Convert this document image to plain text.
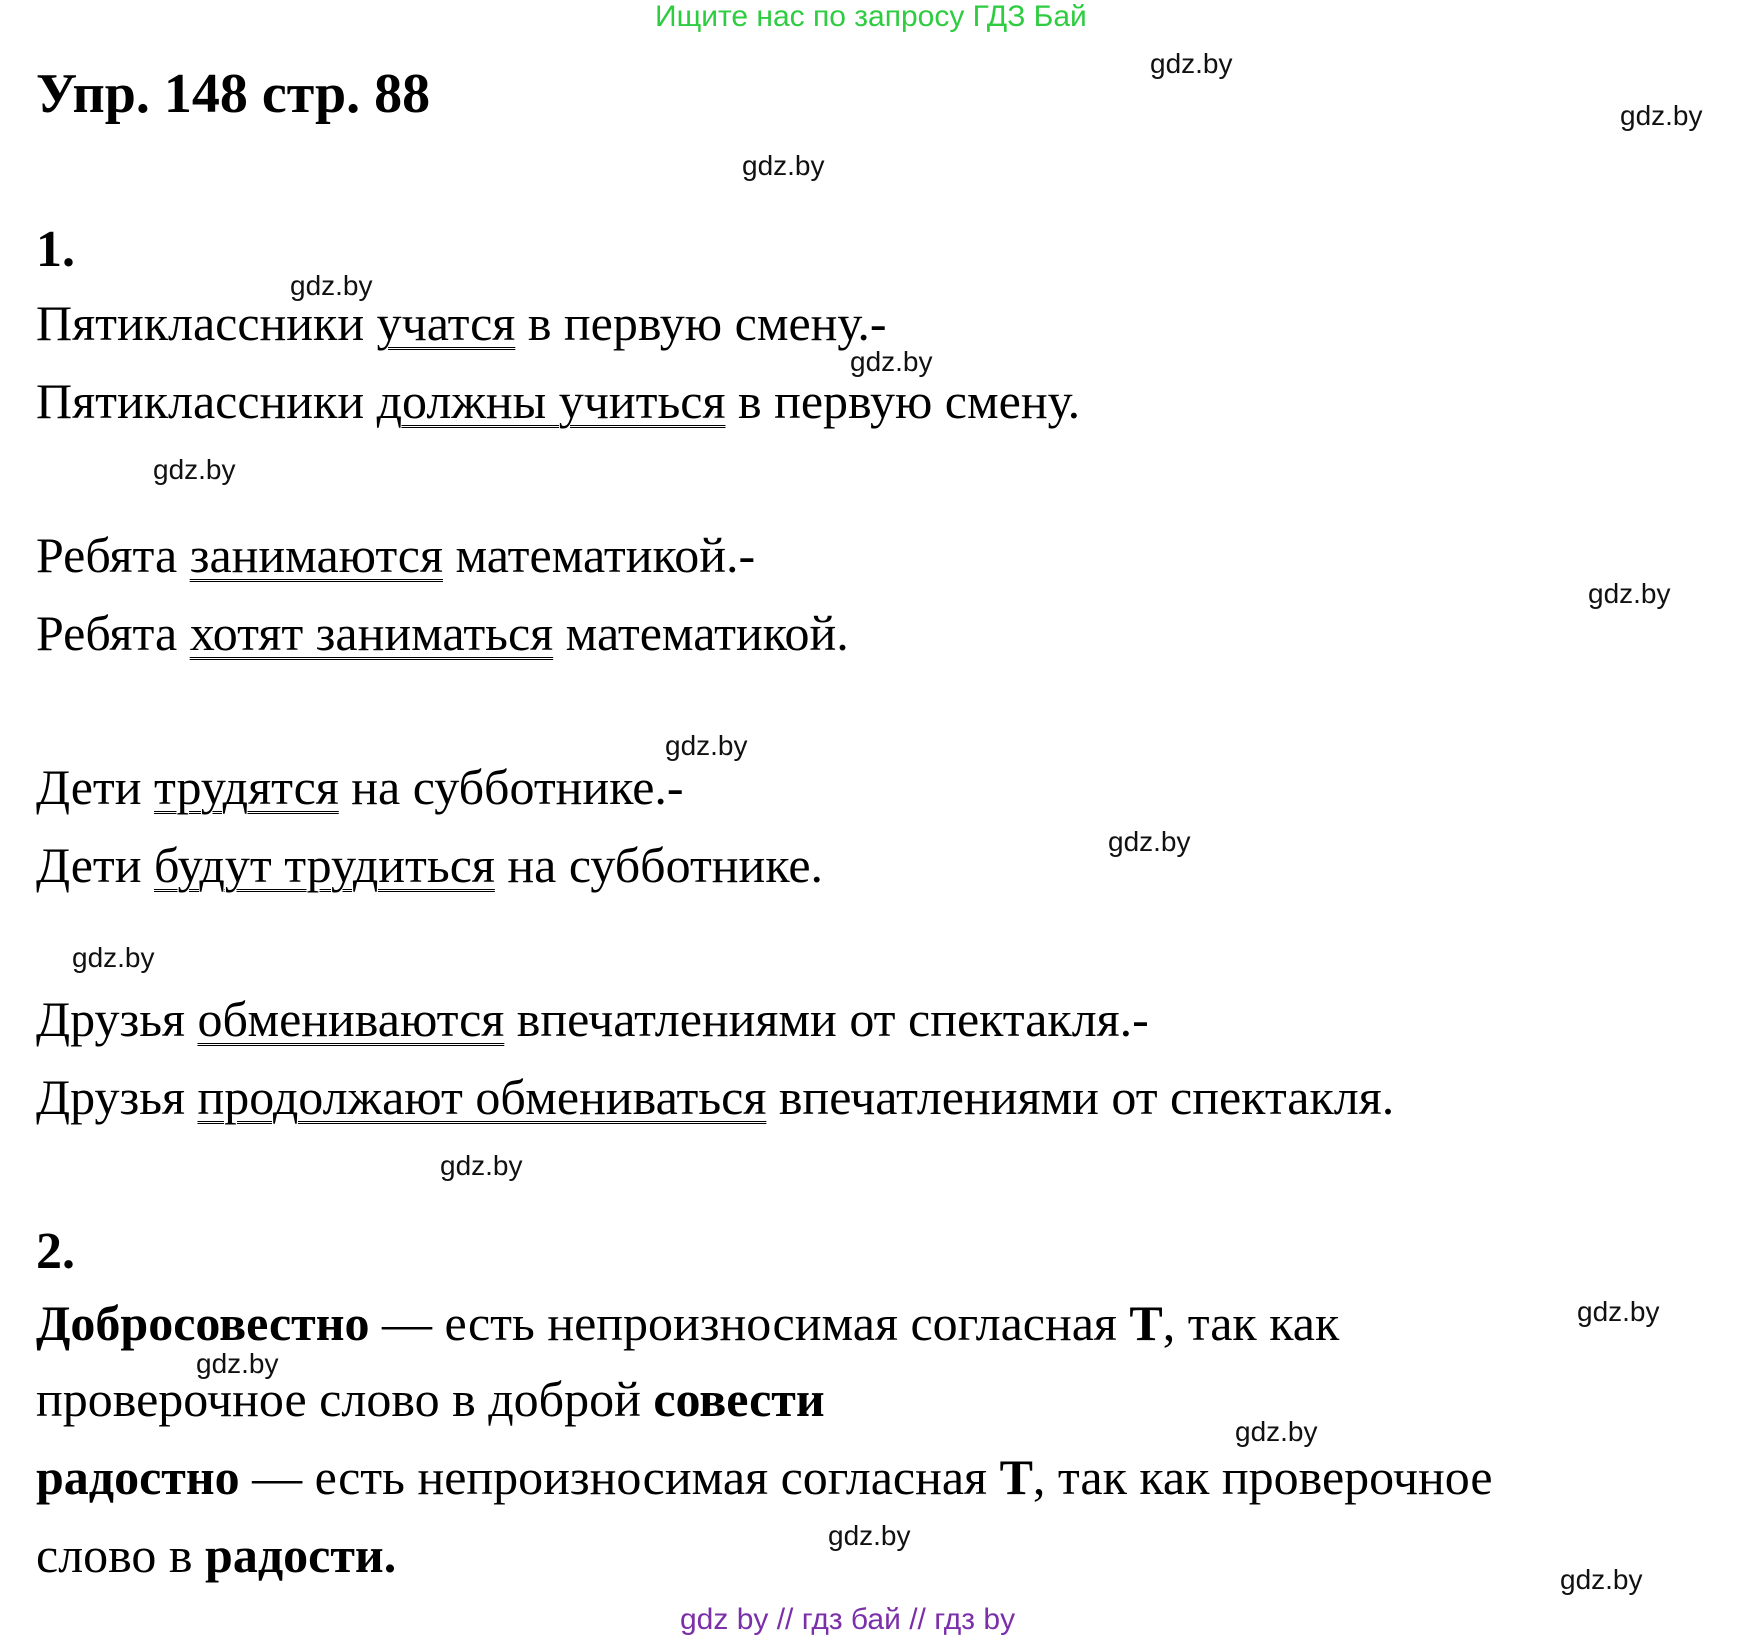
Ищите нас по запросу ГДЗ Бай
Упр. 148 стр. 88
1.
Пятиклассники учатся в первую смену.-
Пятиклассники должны учиться в первую смену.
Ребята занимаются математикой.-
Ребята хотят заниматься математикой.
Дети трудятся на субботнике.-
Дети будут трудиться на субботнике.
Друзья обмениваются впечатлениями от спектакля.-
Друзья продолжают обмениваться впечатлениями от спектакля.
2.
Добросовестно — есть непроизносимая согласная Т, так как
проверочное слово в доброй совести
радостно — есть непроизносимая согласная Т, так как проверочное
слово в радости.
gdz.by
gdz.by
gdz.by
gdz.by
gdz.by
gdz.by
gdz.by
gdz.by
gdz.by
gdz.by
gdz.by
gdz.by
gdz.by
gdz.by
gdz.by
gdz.by
gdz by // гдз бай // гдз by
